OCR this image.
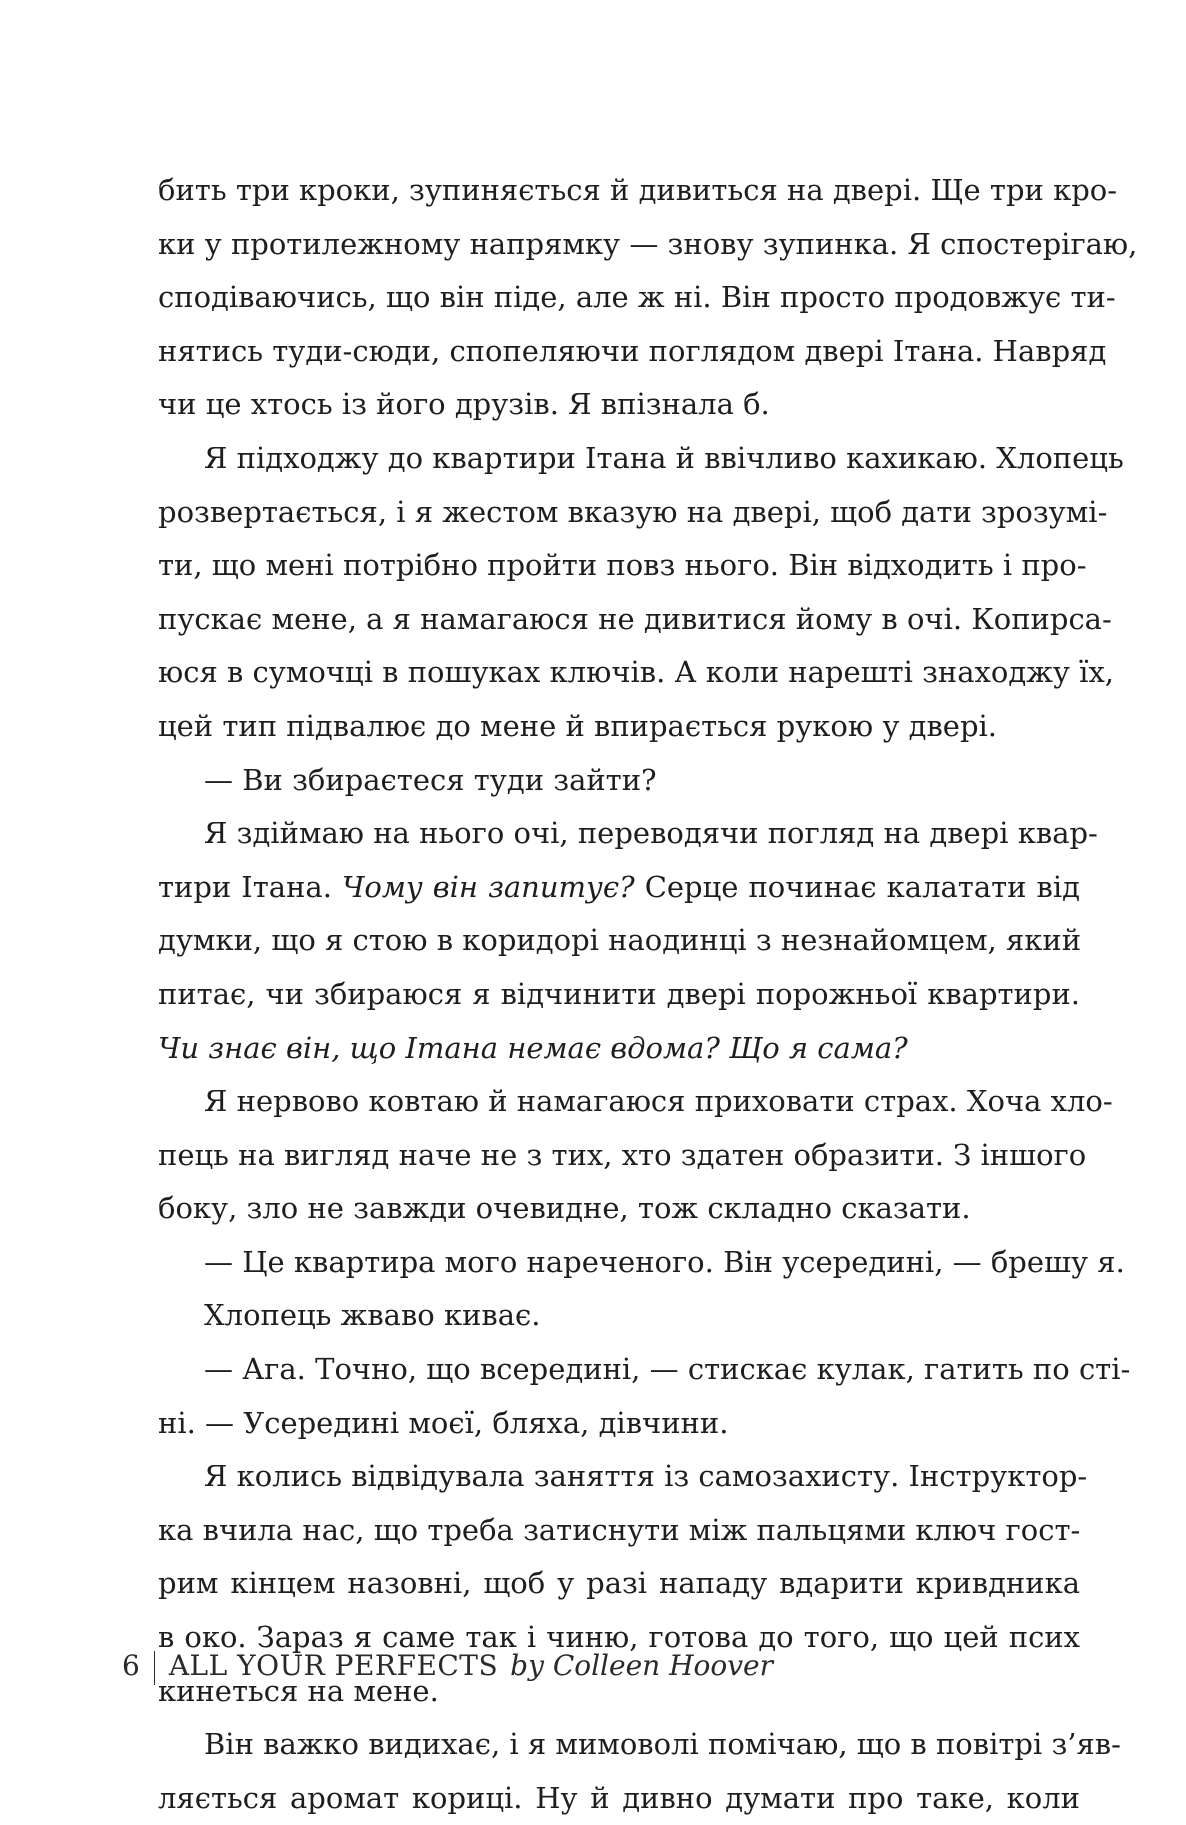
бить три кроки, зупиняється й дивиться на двері. Ще три кро-
ки у протилежному напрямку — знову зупинка. Я спостерігаю,
сподіваючись, що він піде, але ж ні. Він просто продовжує ти-
нятись туди-сюди, спопеляючи поглядом двері Ітана. Навряд
чи це хтось із його друзів. Я впізнала б.
Я підходжу до квартири Ітана й ввічливо кахикаю. Хлопець
розвертається, і я жестом вказую на двері, щоб дати зрозумі-
ти, що мені потрібно пройти повз нього. Він відходить і про-
пускає мене, а я намагаюся не дивитися йому в очі. Копирса-
юся в сумочці в пошуках ключів. А коли нарешті знаходжу їх,
цей тип підвалює до мене й впирається рукою у двері.
— Ви збираєтеся туди зайти?
Я здіймаю на нього очі, переводячи погляд на двері квар-
тири Ітана. Чому він запитує? Серце починає калатати від
думки, що я стою в коридорі наодинці з незнайомцем, який
питає, чи збираюся я відчинити двері порожньої квартири.
Чи знає він, що Ітана немає вдома? Що я сама?
Я нервово ковтаю й намагаюся приховати страх. Хоча хло-
пець на вигляд наче не з тих, хто здатен образити. З іншого
боку, зло не завжди очевидне, тож складно сказати.
— Це квартира мого нареченого. Він усередині, — брешу я.
Хлопець жваво киває.
— Ага. Точно, що всередині, — стискає кулак, гатить по сті-
ні. — Усередині моєї, бляха, дівчини.
Я колись відвідувала заняття із самозахисту. Інструктор-
ка вчила нас, що треба затиснути між пальцями ключ гост-
рим кінцем назовні, щоб у разі нападу вдарити кривдника
в око. Зараз я саме так і чиню, готова до того, що цей псих
кинеться на мене.
Він важко видихає, і я мимоволі помічаю, що в повітрі з’яв-
ляється аромат кориці. Ну й дивно думати про таке, коли
6 ALL YOUR PERFECTS by Colleen Hoover
